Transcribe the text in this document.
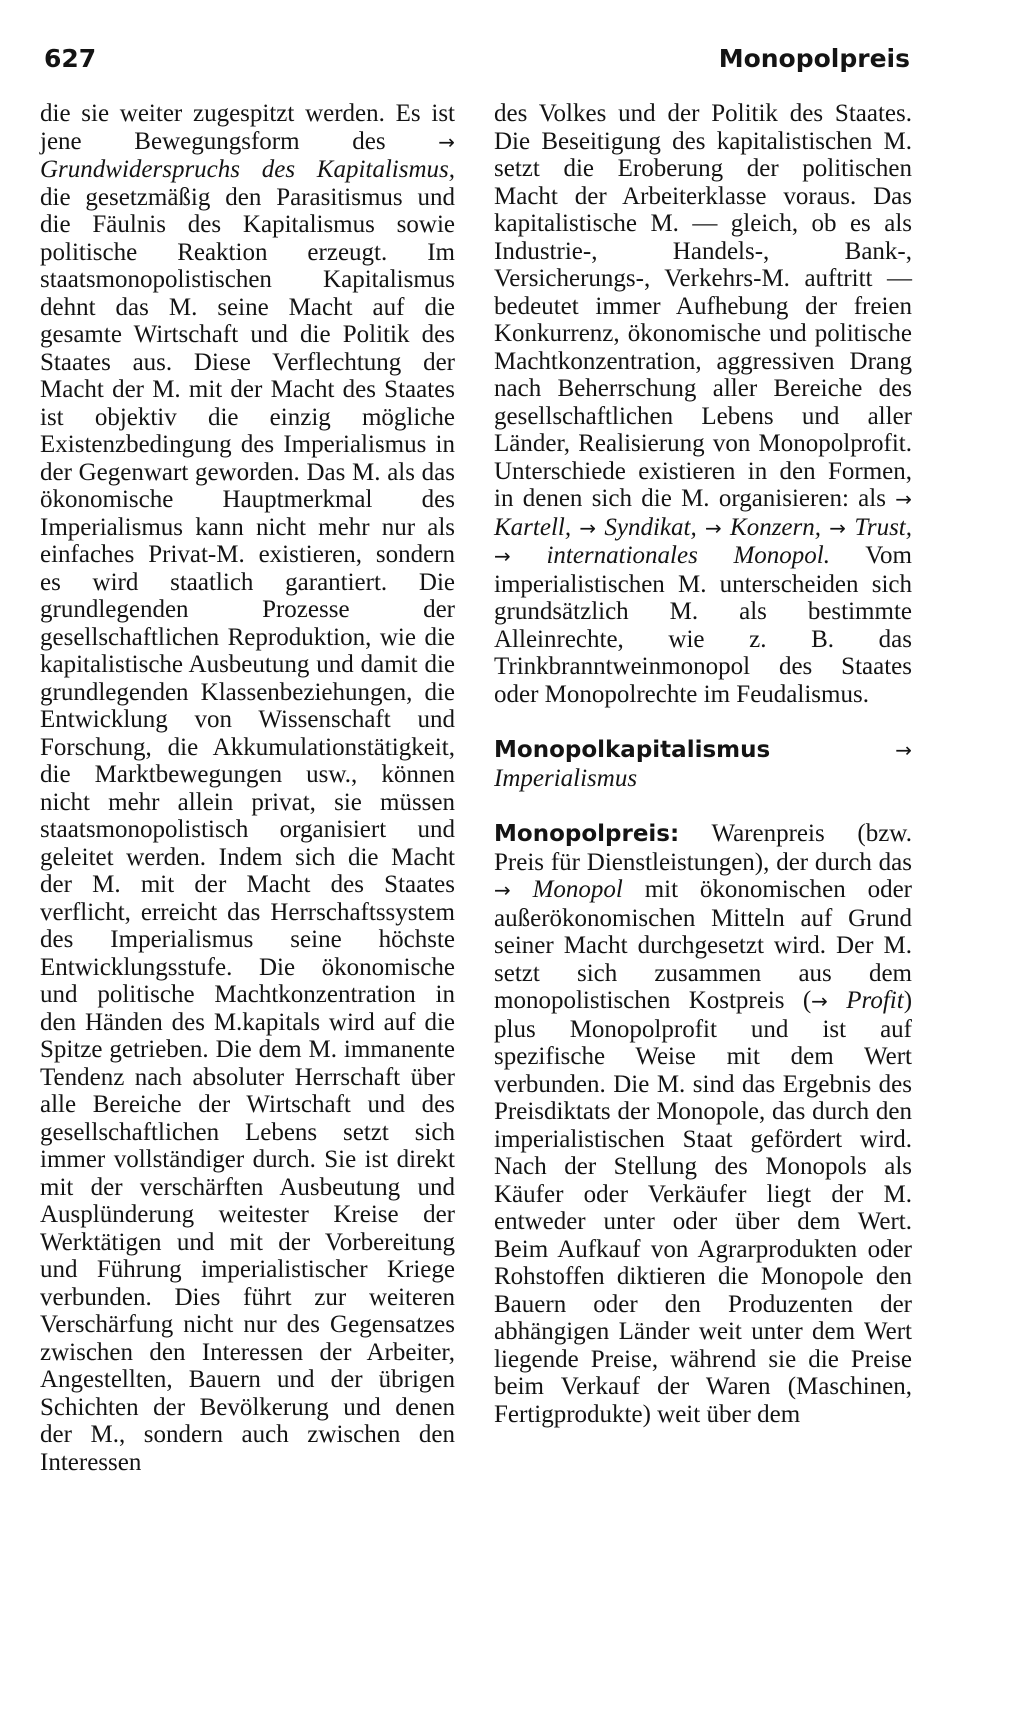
627	Monopolpreis

die sie weiter zugespitzt werden. Es ist jene Bewegungsform des	→ Grundwiderspruchs des Kapitalismus, die gesetzmäßig den Parasitismus und die Fäulnis des Kapitalismus sowie politische Reaktion erzeugt. Im staatsmonopolistischen Kapitalismus dehnt das M. seine Macht auf die gesamte Wirtschaft und die Politik des Staates aus. Diese Verflechtung der Macht der M. mit der Macht des Staates ist objektiv die einzig mögliche Existenzbedingung des Imperialismus in der Gegenwart geworden. Das M. als das ökonomische Hauptmerkmal des Imperialismus kann nicht mehr nur als einfaches Privat-M. existieren, sondern es wird staatlich garantiert. Die grundlegenden Prozesse der gesellschaftlichen Reproduktion, wie die kapitalistische Ausbeutung und damit die grundlegenden Klassenbeziehungen, die Entwicklung von Wissenschaft und Forschung, die Akkumulationstätigkeit, die Marktbewegungen usw., können nicht mehr allein privat, sie müssen staatsmonopolistisch organisiert und geleitet werden. Indem sich die Macht der M. mit der Macht des Staates verflicht, erreicht das Herrschaftssystem des Imperialismus seine höchste Entwicklungsstufe. Die ökonomische und politische Machtkonzentration in den Händen des M.kapitals wird auf die Spitze getrieben. Die dem M. immanente Tendenz nach absoluter Herrschaft über alle Bereiche der Wirtschaft und des gesellschaftlichen Lebens setzt sich immer vollständiger durch. Sie ist direkt mit der verschärften Ausbeutung und Ausplünderung weitester Kreise der Werktätigen und mit der Vorbereitung und Führung imperialistischer Kriege verbunden. Dies führt zur weiteren Verschärfung nicht nur des Gegensatzes zwischen den Interessen der Arbeiter, Angestellten, Bauern und der übrigen Schichten der Bevölkerung und denen der M., sondern auch zwischen den Interessen

des Volkes und der Politik des Staates. Die Beseitigung des kapitalistischen M. setzt die Eroberung der politischen Macht der Arbeiterklasse voraus. Das kapitalistische M. — gleich, ob es als Industrie-, Handels-, Bank-, Versicherungs-, Verkehrs-M. auftritt — bedeutet immer Aufhebung der freien Konkurrenz, ökonomische und politische Machtkonzentration, aggressiven Drang nach Beherrschung aller Bereiche des gesellschaftlichen Lebens und aller Länder, Realisierung von Monopolprofit. Unterschiede existieren in den Formen, in denen sich die M. organisieren: als → Kartell, → Syndikat, → Konzern, → Trust, → internationales Monopol. Vom imperialistischen M. unterscheiden sich grundsätzlich M. als bestimmte Alleinrechte, wie z. B. das Trinkbranntweinmonopol des Staates oder Monopolrechte im Feudalismus.

Monopolkapitalismus	→ Imperialismus

Monopolpreis: Warenpreis (bzw. Preis für Dienstleistungen), der durch das → Monopol mit ökonomischen oder außerökonomischen Mitteln auf Grund seiner Macht durchgesetzt wird. Der M. setzt sich zusammen aus dem monopolistischen Kostpreis (→ Profit) plus Monopolprofit und ist auf spezifische Weise mit dem Wert verbunden. Die M. sind das Ergebnis des Preisdiktats der Monopole, das durch den imperialistischen Staat gefördert wird. Nach der Stellung des Monopols als Käufer oder Verkäufer liegt der M. entweder unter oder über dem Wert. Beim Aufkauf von Agrarprodukten oder Rohstoffen diktieren die Monopole den Bauern oder den Produzenten der abhängigen Länder weit unter dem Wert liegende Preise, während sie die Preise beim Verkauf der Waren (Maschinen, Fertigprodukte) weit über dem
